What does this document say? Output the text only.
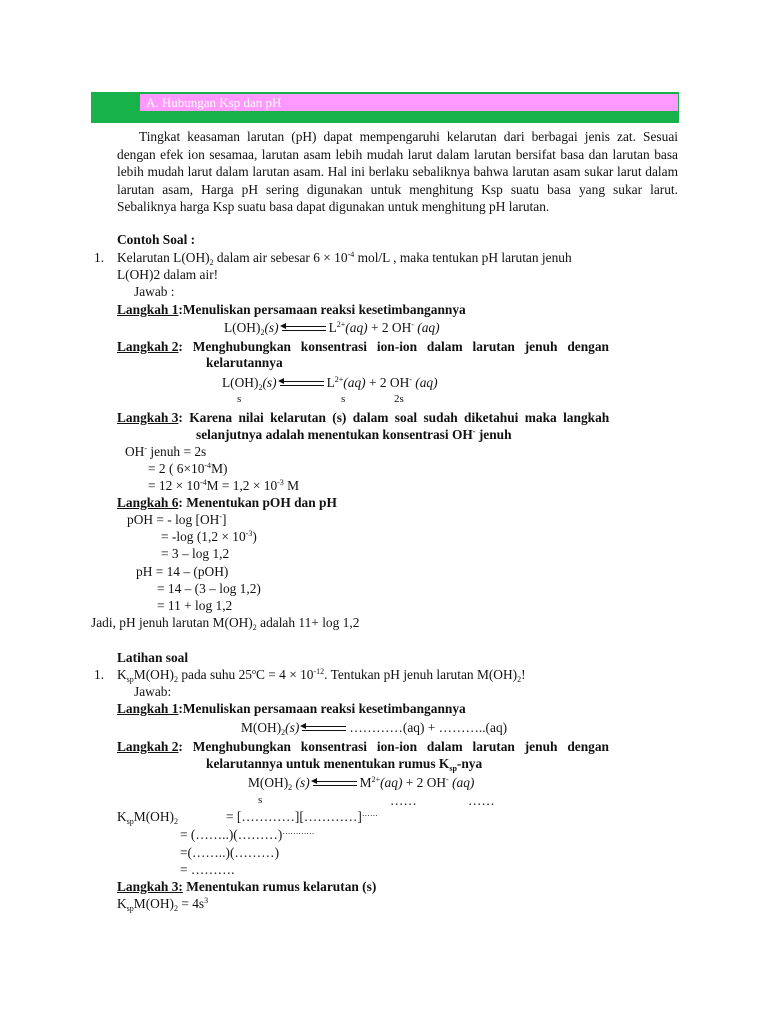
A. Hubungan Ksp dan pH
Tingkat keasaman larutan (pH) dapat mempengaruhi kelarutan dari berbagai jenis zat. Sesuai dengan efek ion sesamaa, larutan asam lebih mudah larut dalam larutan bersifat basa dan larutan basa lebih mudah larut dalam larutan asam. Hal ini berlaku sebaliknya bahwa larutan asam sukar larut dalam larutan asam, Harga pH sering digunakan untuk menghitung Ksp suatu basa yang sukar larut. Sebaliknya harga Ksp suatu basa dapat digunakan untuk menghitung pH larutan.
Contoh Soal :
1. Kelarutan $L(OH)_2$ dalam air sebesar $6 \times 10^{-4}$ mol/L , maka tentukan pH larutan jenuh
L(OH)2 dalam air!
Jawab :
Langkah 1:Menuliskan persamaan reaksi kesetimbangannya
$L(OH)_2(s)$	$L^{2+}(aq) + 2$ OH- (aq)
Langkah 2: Menghubungkan konsentrasi ion-ion dalam larutan jenuh dengan
kelarutannya
$L(OH)_2(s)$	$L^{2+}(aq) + 2$ OH- (aq)
s	s	2s
Langkah 3: Karena nilai kelarutan (s) dalam soal sudah diketahui maka langkah
selanjutnya adalah menentukan konsentrasi OH- jenuh
OH- jenuh = 2s
= 2 ( $6\times 10^{-4}M$)
= $12 \times 10^{-4}M = 1,2 \times 10^{-3}$ M
Langkah 6: Menentukan pOH dan pH
pOH = - log [OH-]
= -log $(1,2 \times 10^{-3})$
= 3 – log 1,2
pH = 14 – (pOH)
= 14 – (3 – log 1,2)
= 11 + log 1,2
Jadi, pH jenuh larutan $M(OH)_2$ adalah 11+ log 1,2
Latihan soal
1. $K_{sp}M(OH)_2$ pada suhu $25^oC = 4 \times 10^{-12}$. Tentukan pH jenuh larutan $M(OH)_2$!
Jawab:
Langkah 1:Menuliskan persamaan reaksi kesetimbangannya
$M(OH)_2(s)$	…………(aq) + ………..(aq)
Langkah 2: Menghubungkan konsentrasi ion-ion dalam larutan jenuh dengan
kelarutannya untuk menentukan rumus $K_{sp}$-nya
$M(OH)_2$ (s)	$M^{2+}(aq) + 2$ OH- (aq)
s	……	……
$K_{sp}M(OH)_2$	= […………][…………]……
= (……..)(………)…………
=(……..)(………)
= ……….
Langkah 3: Menentukan rumus kelarutan (s)
$K_{sp}M(OH)_2 = 4s^3$
